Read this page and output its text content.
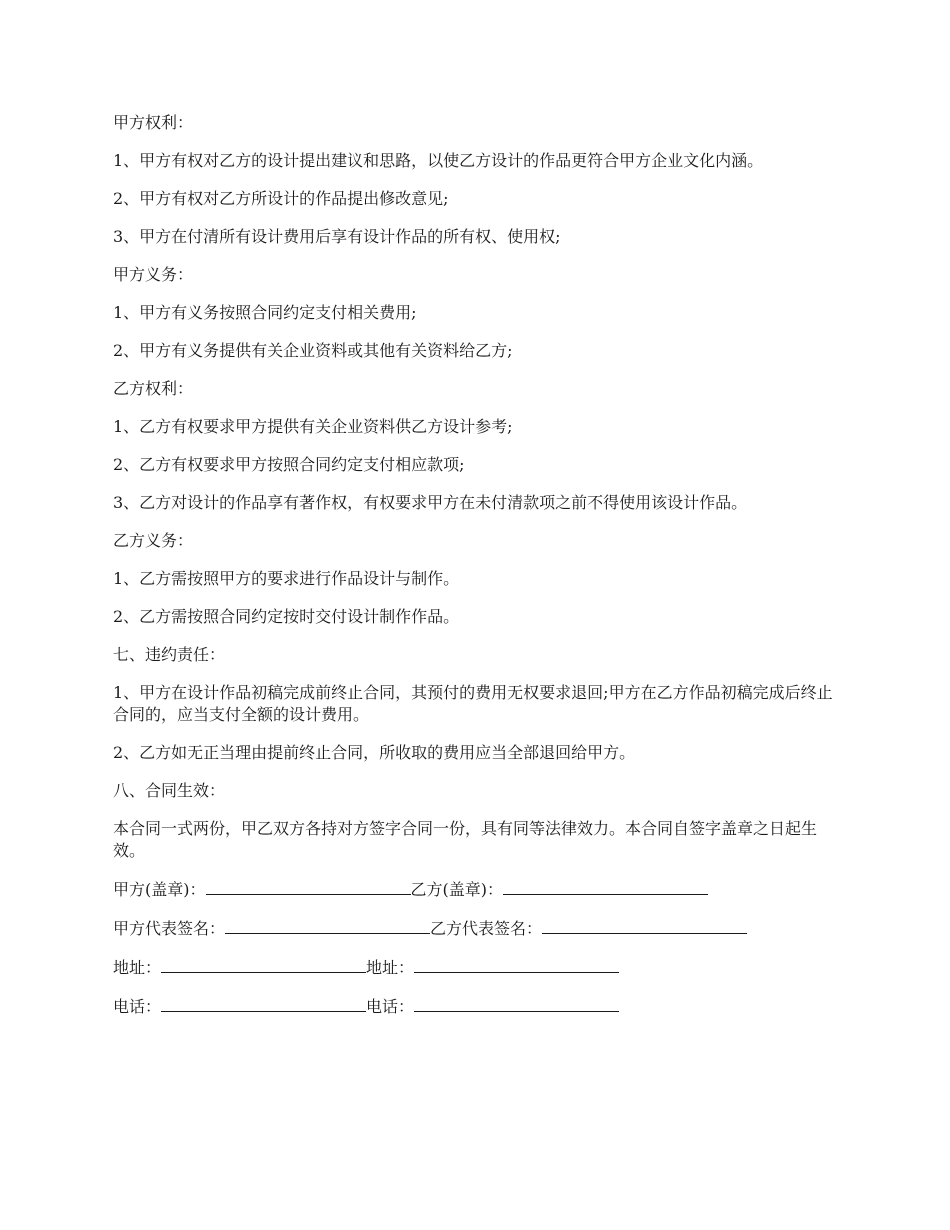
甲方权利：

1、甲方有权对乙方的设计提出建议和思路，以使乙方设计的作品更符合甲方企业文化内涵。

2、甲方有权对乙方所设计的作品提出修改意见;

3、甲方在付清所有设计费用后享有设计作品的所有权、使用权;

甲方义务：

1、甲方有义务按照合同约定支付相关费用;

2、甲方有义务提供有关企业资料或其他有关资料给乙方;

乙方权利：

1、乙方有权要求甲方提供有关企业资料供乙方设计参考;

2、乙方有权要求甲方按照合同约定支付相应款项;

3、乙方对设计的作品享有著作权，有权要求甲方在未付清款项之前不得使用该设计作品。

乙方义务：

1、乙方需按照甲方的要求进行作品设计与制作。

2、乙方需按照合同约定按时交付设计制作作品。

七、违约责任：

1、甲方在设计作品初稿完成前终止合同，其预付的费用无权要求退回;甲方在乙方作品初稿完成后终止合同的，应当支付全额的设计费用。

2、乙方如无正当理由提前终止合同，所收取的费用应当全部退回给甲方。

八、合同生效：

本合同一式两份，甲乙双方各持对方签字合同一份，具有同等法律效力。本合同自签字盖章之日起生效。

甲方(盖章)：	乙方(盖章)：
甲方代表签名：	乙方代表签名：
地址：	地址：
电话：	电话：
